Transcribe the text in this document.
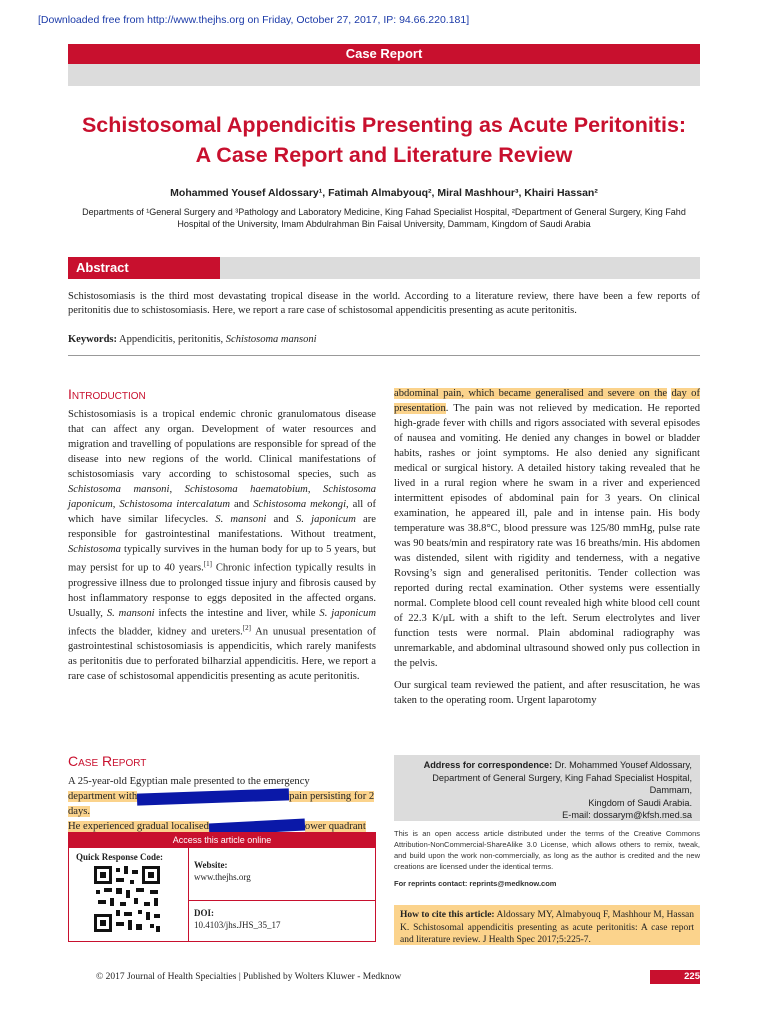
[Downloaded free from http://www.thejhs.org on Friday, October 27, 2017, IP: 94.66.220.181]
Case Report
Schistosomal Appendicitis Presenting as Acute Peritonitis:
A Case Report and Literature Review
Mohammed Yousef Aldossary¹, Fatimah Almabyouq², Miral Mashhour³, Khairi Hassan²
Departments of ¹General Surgery and ³Pathology and Laboratory Medicine, King Fahad Specialist Hospital, ²Department of General Surgery, King Fahd Hospital of the University, Imam Abdulrahman Bin Faisal University, Dammam, Kingdom of Saudi Arabia
Abstract
Schistosomiasis is the third most devastating tropical disease in the world. According to a literature review, there have been a few reports of peritonitis due to schistosomiasis. Here, we report a rare case of schistosomal appendicitis presenting as acute peritonitis.
Keywords: Appendicitis, peritonitis, Schistosoma mansoni
Introduction
Schistosomiasis is a tropical endemic chronic granulomatous disease that can affect any organ. Development of water resources and migration and travelling of populations are responsible for spread of the disease into new regions of the world. Clinical manifestations of schistosomiasis vary according to schistosomal species, such as Schistosoma mansoni, Schistosoma haematobium, Schistosoma japonicum, Schistosoma intercalatum and Schistosoma mekongi, all of which have similar lifecycles. S. mansoni and S. japonicum are responsible for gastrointestinal manifestations. Without treatment, Schistosoma typically survives in the human body for up to 5 years, but may persist for up to 40 years.[1] Chronic infection typically results in progressive illness due to prolonged tissue injury and fibrosis caused by host inflammatory response to eggs deposited in the affected organs. Usually, S. mansoni infects the intestine and liver, while S. japonicum infects the bladder, kidney and ureters.[2] An unusual presentation of gastrointestinal schistosomiasis is appendicitis, which rarely manifests as peritonitis due to perforated bilharzial appendicitis. Here, we report a rare case of schistosomal appendicitis presenting as acute peritonitis.
Case Report
A 25-year-old Egyptian male presented to the emergency
department with	pain persisting for 2 days.
He experienced gradual localised	ower quadrant
Access this article online
Quick Response Code:
Website:
www.thejhs.org
DOI:
10.4103/jhs.JHS_35_17
abdominal pain, which became generalised and severe on the day of presentation. The pain was not relieved by medication. He reported high-grade fever with chills and rigors associated with several episodes of nausea and vomiting. He denied any changes in bowel or bladder habits, rashes or joint symptoms. He also denied any significant medical or surgical history. A detailed history taking revealed that he lived in a rural region where he swam in a river and experienced intermittent episodes of abdominal pain for 3 years. On clinical examination, he appeared ill, pale and in intense pain. His body temperature was 38.8°C, blood pressure was 125/80 mmHg, pulse rate was 90 beats/min and respiratory rate was 16 breaths/min. His abdomen was distended, silent with rigidity and tenderness, with a negative Rovsing’s sign and generalised peritonitis. Tender collection was reported during rectal examination. Other systems were essentially normal. Complete blood cell count revealed high white blood cell count of 22.3 K/μL with a shift to the left. Serum electrolytes and liver function tests were normal. Plain abdominal radiography was unremarkable, and abdominal ultrasound showed only pus collection in the pelvis.
Our surgical team reviewed the patient, and after resuscitation, he was taken to the operating room. Urgent laparotomy
Address for correspondence: Dr. Mohammed Yousef Aldossary,
Department of General Surgery, King Fahad Specialist Hospital, Dammam,
Kingdom of Saudi Arabia.
E-mail: dossarym@kfsh.med.sa
This is an open access article distributed under the terms of the Creative Commons Attribution-NonCommercial-ShareAlike 3.0 License, which allows others to remix, tweak, and build upon the work non-commercially, as long as the author is credited and the new creations are licensed under the identical terms.
For reprints contact: reprints@medknow.com
How to cite this article: Aldossary MY, Almabyouq F, Mashhour M, Hassan K. Schistosomal appendicitis presenting as acute peritonitis: A case report and literature review. J Health Spec 2017;5:225-7.
© 2017 Journal of Health Specialties | Published by Wolters Kluwer - Medknow	225
